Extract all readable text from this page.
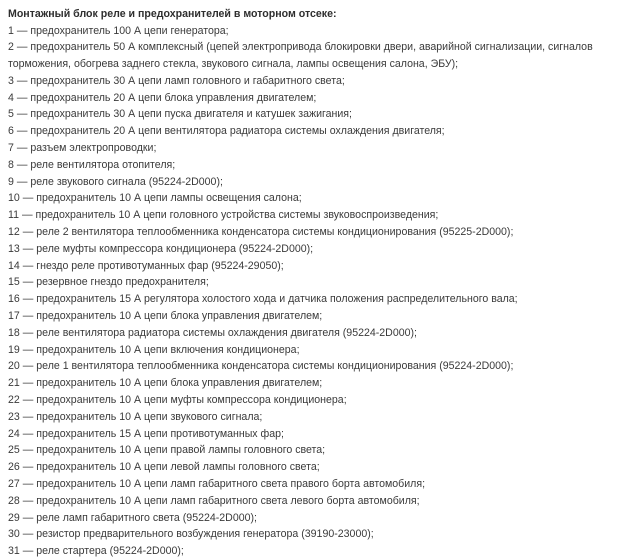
Монтажный блок реле и предохранителей в моторном отсеке:
1 — предохранитель 100 А цепи генератора;
2 — предохранитель 50 А комплексный (цепей электропривода блокировки двери, аварийной сигнализации, сигналов торможения, обогрева заднего стекла, звукового сигнала, лампы освещения салона, ЭБУ);
3 — предохранитель 30 А цепи ламп головного и габаритного света;
4 — предохранитель 20 А цепи блока управления двигателем;
5 — предохранитель 30 А цепи пуска двигателя и катушек зажигания;
6 — предохранитель 20 А цепи вентилятора радиатора системы охлаждения двигателя;
7 — разъем электропроводки;
8 — реле вентилятора отопителя;
9 — реле звукового сигнала (95224-2D000);
10 — предохранитель 10 А цепи лампы освещения салона;
11 — предохранитель 10 А цепи головного устройства системы звуковоспроизведения;
12 — реле 2 вентилятора теплообменника конденсатора системы кондиционирования (95225-2D000);
13 — реле муфты компрессора кондиционера (95224-2D000);
14 — гнездо реле противотуманных фар (95224-29050);
15 — резервное гнездо предохранителя;
16 — предохранитель 15 А регулятора холостого хода и датчика положения распределительного вала;
17 — предохранитель 10 А цепи блока управления двигателем;
18 — реле вентилятора радиатора системы охлаждения двигателя (95224-2D000);
19 — предохранитель 10 А цепи включения кондиционера;
20 — реле 1 вентилятора теплообменника конденсатора системы кондиционирования (95224-2D000);
21 — предохранитель 10 А цепи блока управления двигателем;
22 — предохранитель 10 А цепи муфты компрессора кондиционера;
23 — предохранитель 10 А цепи звукового сигнала;
24 — предохранитель 15 А цепи противотуманных фар;
25 — предохранитель 10 А цепи правой лампы головного света;
26 — предохранитель 10 А цепи левой лампы головного света;
27 — предохранитель 10 А цепи ламп габаритного света правого борта автомобиля;
28 — предохранитель 10 А цепи ламп габаритного света левого борта автомобиля;
29 — реле ламп габаритного света (95224-2D000);
30 — резистор предварительного возбуждения генератора (39190-23000);
31 — реле стартера (95224-2D000);
